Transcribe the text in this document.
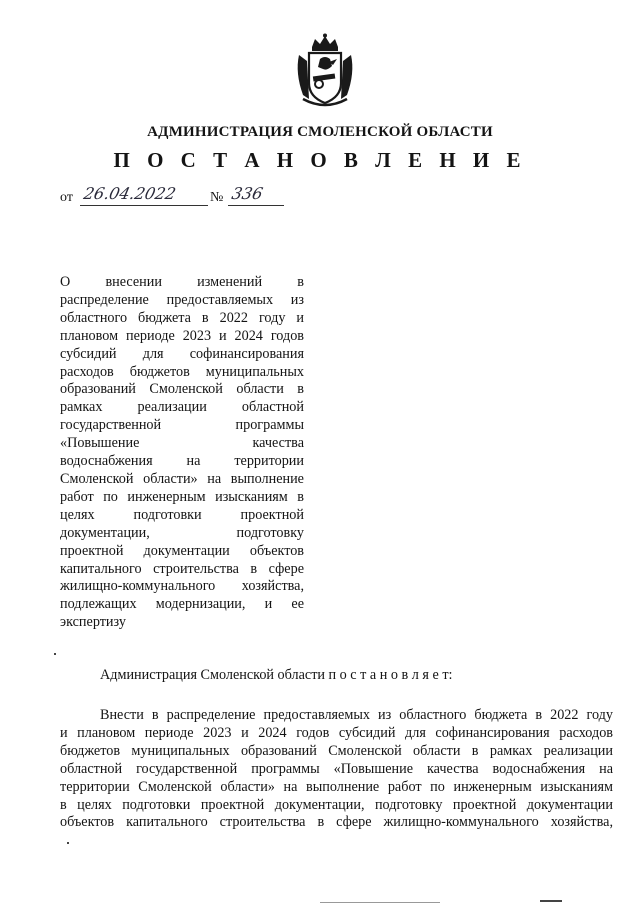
АДМИНИСТРАЦИЯ СМОЛЕНСКОЙ ОБЛАСТИ
П О С Т А Н О В Л Е Н И Е
от 26.04.2022 № 336
О внесении изменений в
распределение предоставляемых из
областного бюджета в 2022 году и
плановом периоде 2023 и 2024 годов
субсидий для софинансирования
расходов бюджетов муниципальных
образований Смоленской области в
рамках реализации областной
государственной программы
«Повышение качества
водоснабжения на территории
Смоленской области» на выполнение
работ по инженерным изысканиям в
целях подготовки проектной
документации, подготовку
проектной документации объектов
капитального строительства в сфере
жилищно-коммунального хозяйства,
подлежащих модернизации, и ее
экспертизу
Администрация Смоленской области п о с т а н о в л я е т:
Внести в распределение предоставляемых из областного бюджета в 2022 году
и плановом периоде 2023 и 2024 годов субсидий для софинансирования расходов
бюджетов муниципальных образований Смоленской области в рамках реализации
областной государственной программы «Повышение качества водоснабжения на
территории Смоленской области» на выполнение работ по инженерным изысканиям
в целях подготовки проектной документации, подготовку проектной документации
объектов капитального строительства в сфере жилищно-коммунального хозяйства,
